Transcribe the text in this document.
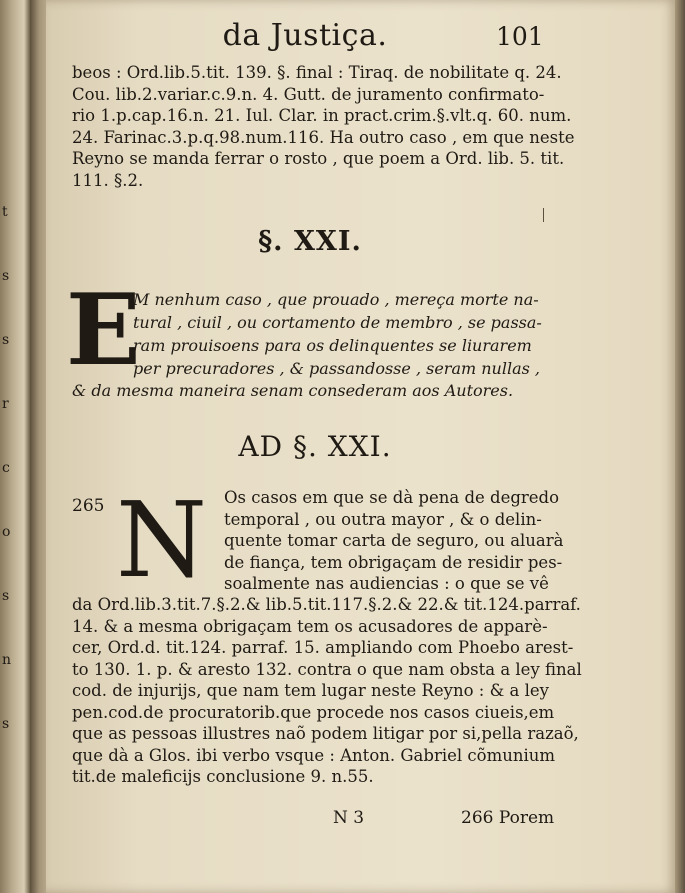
t
s
s
r
c
o
s
n
s
da Justiça.	101
beos : Ord.lib.5.tit. 139. §. final : Tiraq. de nobilitate q. 24.
Cou. lib.2.variar.c.9.n. 4. Gutt. de juramento confirmato-
rio 1.p.cap.16.n. 21. Iul. Clar. in pract.crim.§.vlt.q. 60. num.
24. Farinac.3.p.q.98.num.116. Ha outro caso , em que neste
Reyno se manda ferrar o rosto , que poem a Ord. lib. 5. tit.
111. §.2.
§. XXI.
E
M nenhum caso , que prouado , mereça morte na-
tural , ciuil , ou cortamento de membro , se passa-
ram prouisoens para os delinquentes se liurarem
per precuradores , & passandosse , seram nullas ,
& da mesma maneira senam consederam aos Autores.
AD §. XXI.
265 N Os casos em que se dà pena de degredo
temporal , ou outra mayor , & o delin-
quente tomar carta de seguro, ou aluarà
de fiança, tem obrigaçam de residir pes-
soalmente nas audiencias : o que se vê
da Ord.lib.3.tit.7.§.2.& lib.5.tit.117.§.2.& 22.& tit.124.parraf.
14. & a mesma obrigaçam tem os acusadores de apparè-
cer, Ord.d. tit.124. parraf. 15. ampliando com Phoebo arest-
to 130. 1. p. & aresto 132. contra o que nam obsta a ley final
cod. de injurijs, que nam tem lugar neste Reyno : & a ley
pen.cod.de procuratorib.que procede nos casos ciueis,em
que as pessoas illustres naõ podem litigar por si,pella razaõ,
que dà a Glos. ibi verbo vsque : Anton. Gabriel cõmunium
tit.de maleficijs conclusione 9. n.55.
N 3	266 Porem
